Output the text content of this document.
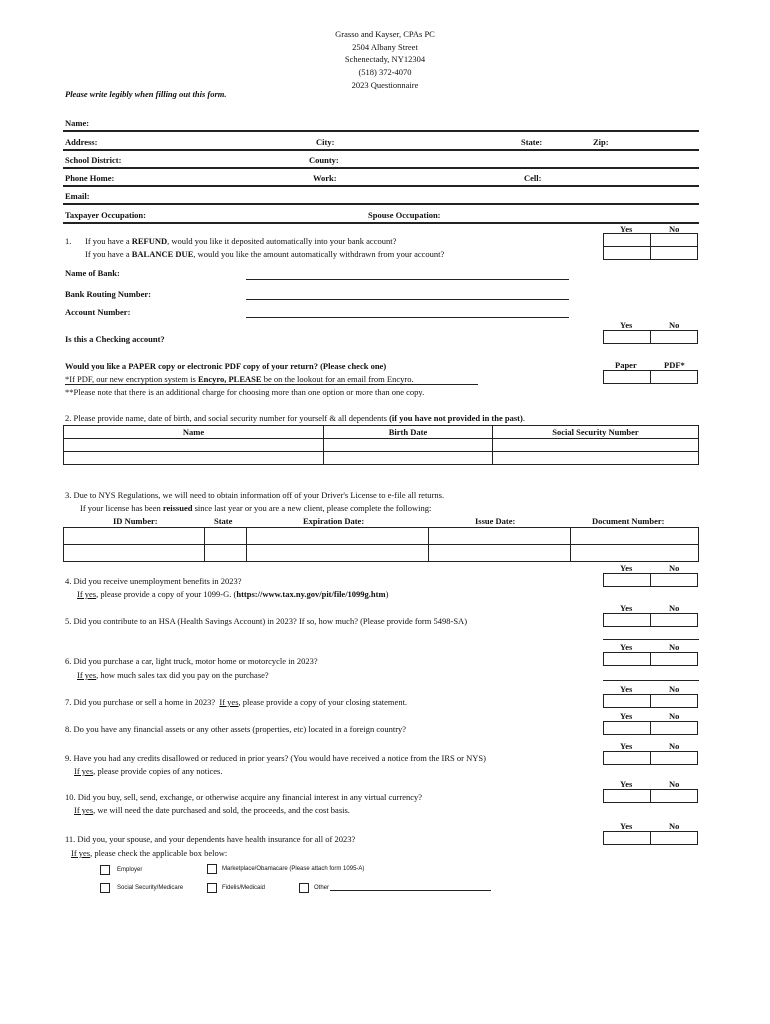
Grasso and Kayser, CPAs PC
2504 Albany Street
Schenectady, NY12304
(518) 372-4070
2023 Questionnaire
Please write legibly when filling out this form.
Name:
Address:	City:	State:	Zip:
School District:	County:
Phone Home:	Work:	Cell:
Email:
Taxpayer Occupation:	Spouse Occupation:
Yes	No

1. If you have a REFUND, would you like it deposited automatically into your bank account?
If you have a BALANCE DUE, would you like the amount automatically withdrawn from your account?
Name of Bank:
Bank Routing Number:
Account Number:
Yes	No

Is this a Checking account?
Would you like a PAPER copy or electronic PDF copy of your return? (Please check one)	Paper	PDF*

*If PDF, our new encryption system is Encyro, PLEASE be on the lookout for an email from Encyro.
**Please note that there is an additional charge for choosing more than one option or more than one copy.
2. Please provide name, date of birth, and social security number for yourself & all dependents (if you have not provided in the past).
Name	Birth Date	Social Security Number

3. Due to NYS Regulations, we will need to obtain information off of your Driver's License to e-file all returns.
If your license has been reissued since last year or you are a new client, please complete the following:
ID Number:	State	Expiration Date:	Issue Date:	Document Number:

Yes	No

4. Did you receive unemployment benefits in 2023?
If yes, please provide a copy of your 1099-G. (https://www.tax.ny.gov/pit/file/1099g.htm)
Yes	No

5. Did you contribute to an HSA (Health Savings Account) in 2023? If so, how much? (Please provide form 5498-SA)
Yes	No

6. Did you purchase a car, light truck, motor home or motorcycle in 2023?
If yes, how much sales tax did you pay on the purchase?
Yes	No

7. Did you purchase or sell a home in 2023? If yes, please provide a copy of your closing statement.
Yes	No

8. Do you have any financial assets or any other assets (properties, etc) located in a foreign country?
Yes	No

9. Have you had any credits disallowed or reduced in prior years? (You would have received a notice from the IRS or NYS)
If yes, please provide copies of any notices.
Yes	No

10. Did you buy, sell, send, exchange, or otherwise acquire any financial interest in any virtual currency?
If yes, we will need the date purchased and sold, the proceeds, and the cost basis.
Yes	No

11. Did you, your spouse, and your dependents have health insurance for all of 2023?
If yes, please check the applicable box below:
Employer	Marketplace/Obamacare (Please attach form 1095-A)
Social Security/Medicare	Fidelis/Medicaid	Other
